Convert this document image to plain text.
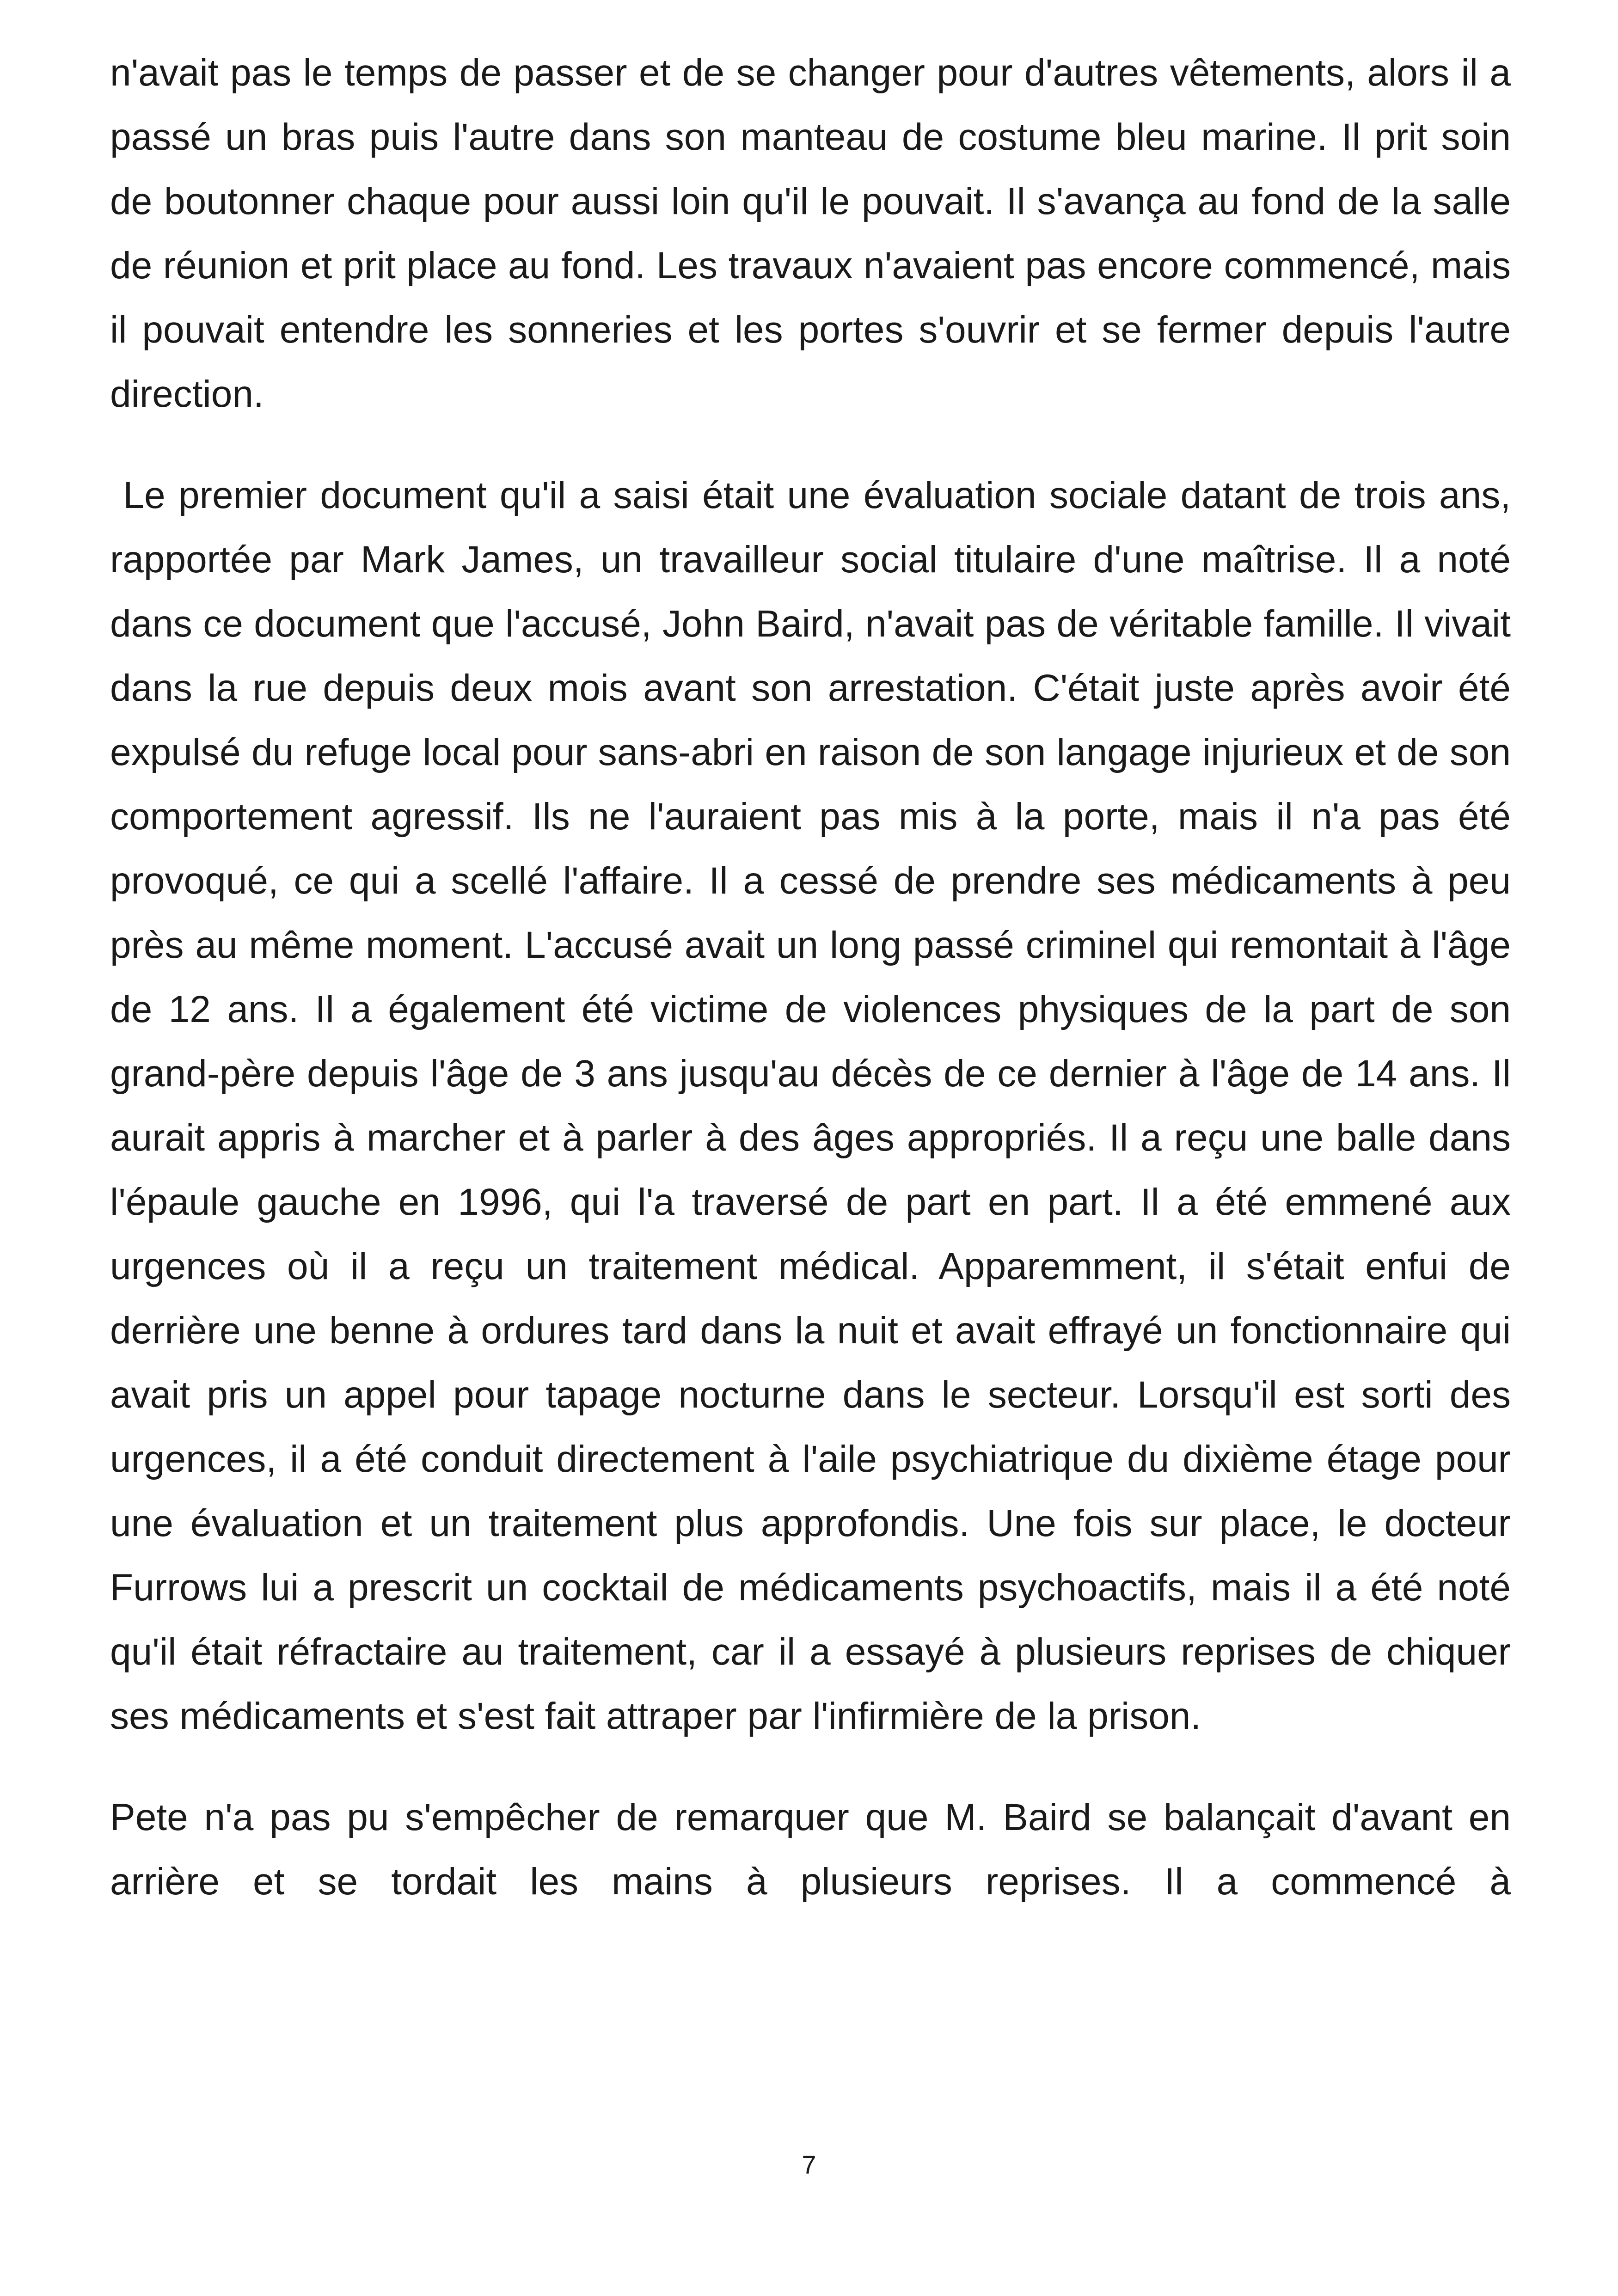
n'avait pas le temps de passer et de se changer pour d'autres vêtements, alors il a passé un bras puis l'autre dans son manteau de costume bleu marine. Il prit soin de boutonner chaque pour aussi loin qu'il le pouvait. Il s'avança au fond de la salle de réunion et prit place au fond. Les travaux n'avaient pas encore commencé, mais il pouvait entendre les sonneries et les portes s'ouvrir et se fermer depuis l'autre direction.

Le premier document qu'il a saisi était une évaluation sociale datant de trois ans, rapportée par Mark James, un travailleur social titulaire d'une maîtrise. Il a noté dans ce document que l'accusé, John Baird, n'avait pas de véritable famille. Il vivait dans la rue depuis deux mois avant son arrestation. C'était juste après avoir été expulsé du refuge local pour sans-abri en raison de son langage injurieux et de son comportement agressif. Ils ne l'auraient pas mis à la porte, mais il n'a pas été provoqué, ce qui a scellé l'affaire. Il a cessé de prendre ses médicaments à peu près au même moment. L'accusé avait un long passé criminel qui remontait à l'âge de 12 ans. Il a également été victime de violences physiques de la part de son grand-père depuis l'âge de 3 ans jusqu'au décès de ce dernier à l'âge de 14 ans. Il aurait appris à marcher et à parler à des âges appropriés. Il a reçu une balle dans l'épaule gauche en 1996, qui l'a traversé de part en part. Il a été emmené aux urgences où il a reçu un traitement médical. Apparemment, il s'était enfui de derrière une benne à ordures tard dans la nuit et avait effrayé un fonctionnaire qui avait pris un appel pour tapage nocturne dans le secteur. Lorsqu'il est sorti des urgences, il a été conduit directement à l'aile psychiatrique du dixième étage pour une évaluation et un traitement plus approfondis. Une fois sur place, le docteur Furrows lui a prescrit un cocktail de médicaments psychoactifs, mais il a été noté qu'il était réfractaire au traitement, car il a essayé à plusieurs reprises de chiquer ses médicaments et s'est fait attraper par l'infirmière de la prison.

Pete n'a pas pu s'empêcher de remarquer que M. Baird se balançait d'avant en arrière et se tordait les mains à plusieurs reprises. Il a commencé à

7
